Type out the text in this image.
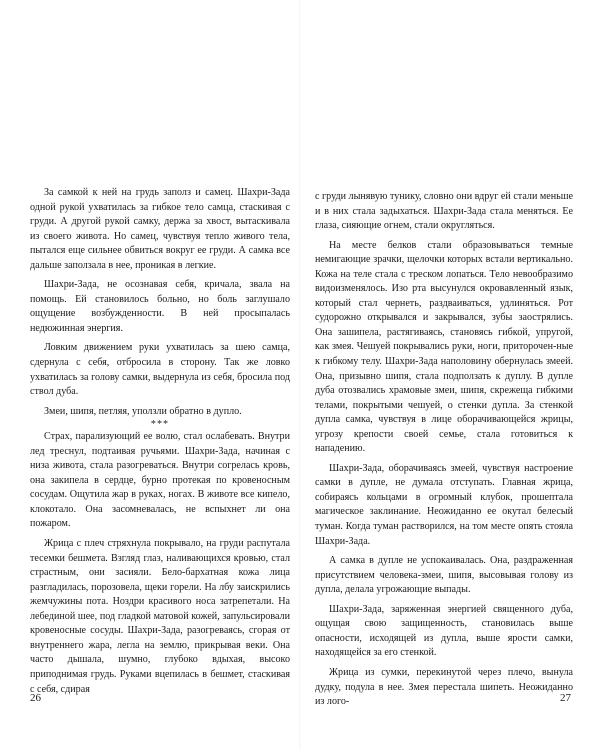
За самкой к ней на грудь заполз и самец. Шахри-Зада одной рукой ухватилась за гибкое тело самца, стаскивая с груди. А другой рукой самку, держа за хвост, вытаскивала из своего живота. Но самец, чувствуя тепло живого тела, пытался еще сильнее обвиться вокруг ее груди. А самка все дальше заползала в нее, проникая в легкие.

Шахри-Зада, не осознавая себя, кричала, звала на помощь. Ей становилось больно, но боль заглушало ощущение возбужденности. В ней просыпалась недюжинная энергия.

Ловким движением руки ухватилась за шею самца, сдернула с себя, отбросила в сторону. Так же ловко ухватилась за голову самки, выдернула из себя, бросила под ствол дуба.

Змеи, шипя, петляя, уползли обратно в дупло.

***

Страх, парализующий ее волю, стал ослабевать. Внутри лед треснул, подтаивая ручьями. Шахри-Зада, начиная с низа живота, стала разогреваться. Внутри согрелась кровь, она закипела в сердце, бурно протекая по кровеносным сосудам. Ощутила жар в руках, ногах. В животе все кипело, клокотало. Она засомневалась, не вспыхнет ли она пожаром.

Жрица с плеч стряхнула покрывало, на груди распутала тесемки бешмета. Взгляд глаз, наливающихся кровью, стал страстным, они засияли. Бело-бархатная кожа лица разгладилась, порозовела, щеки горели. На лбу заискрились жемчужины пота. Ноздри красивого носа затрепетали. На лебединой шее, под гладкой матовой кожей, запульсировали кровеносные сосуды. Шахри-Зада, разогреваясь, сгорая от внутреннего жара, легла на землю, прикрывая веки. Она часто дышала, шумно, глубоко вдыхая, высоко приподнимая грудь. Руками вцепилась в бешмет, стаскивая с себя, сдирая

с груди лынявую тунику, словно они вдруг ей стали меньше и в них стала задыхаться. Шахри-Зада стала меняться. Ее глаза, сияющие огнем, стали округляться.

На месте белков стали образовываться темные немигающие зрачки, щелочки которых встали вертикально. Кожа на теле стала с треском лопаться. Тело невообразимо видоизменялось. Изо рта высунулся окровавленный язык, который стал чернеть, раздваиваться, удлиняться. Рот судорожно открывался и закрывался, зубы заострялись. Она зашипела, растягиваясь, становясь гибкой, упругой, как змея. Чешуей покрывались руки, ноги, приторочен-ные к гибкому телу. Шахри-Зада наполовину обернулась змеей. Она, призывно шипя, стала подползать к дуплу. В дупле дуба отозвались храмовые змеи, шипя, скрежеща гибкими телами, покрытыми чешуей, о стенки дупла. За стенкой дупла самка, чувствуя в лице оборачивающейся жрицы, угрозу крепости своей семье, стала готовиться к нападению.

Шахри-Зада, оборачиваясь змеей, чувствуя настроение самки в дупле, не думала отступать. Главная жрица, собираясь кольцами в огромный клубок, прошептала магическое заклинание. Неожиданно ее окутал белесый туман. Когда туман растворился, на том месте опять стояла Шахри-Зада.

А самка в дупле не успокаивалась. Она, раздраженная присутствием человека-змеи, шипя, высовывая голову из дупла, делала угрожающие выпады.

Шахри-Зада, заряженная энергией священного дуба, ощущая свою защищенность, становилась выше опасности, исходящей из дупла, выше ярости самки, находящейся за его стенкой.

Жрица из сумки, перекинутой через плечо, вынула дудку, подула в нее. Змея перестала шипеть. Неожиданно из лого-

26	27
